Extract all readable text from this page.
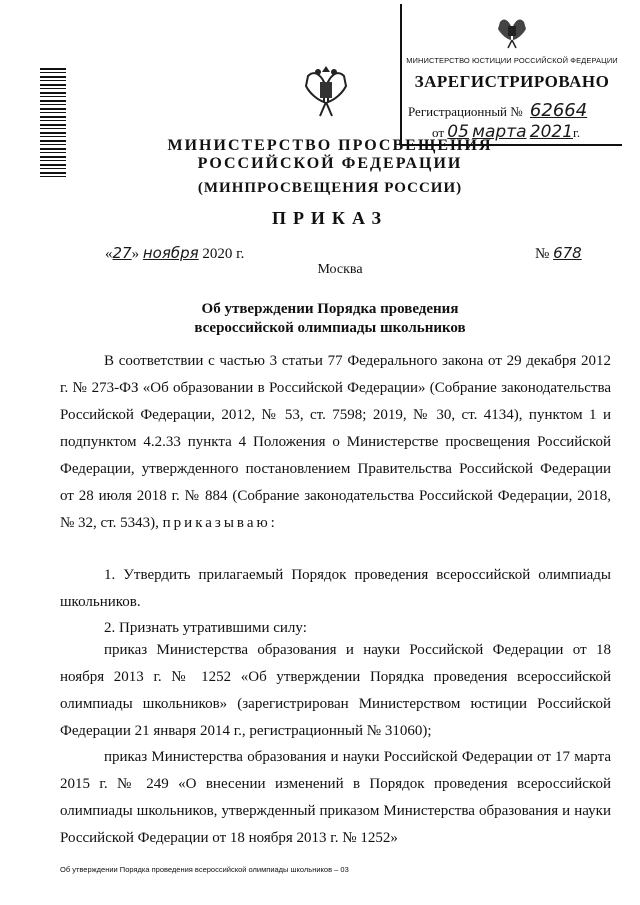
МИНИСТЕРСТВО ЮСТИЦИИ РОССИЙСКОЙ ФЕДЕРАЦИИ
ЗАРЕГИСТРИРОВАНО
Регистрационный № 62664
от 05 марта 2021г.
МИНИСТЕРСТВО ПРОСВЕЩЕНИЯ
РОССИЙСКОЙ ФЕДЕРАЦИИ
(МИНПРОСВЕЩЕНИЯ РОССИИ)
ПРИКАЗ
«27» ноября 2020 г.	№ 678
Москва
Об утверждении Порядка проведения
всероссийской олимпиады школьников
В соответствии с частью 3 статьи 77 Федерального закона от 29 декабря 2012 г. № 273-ФЗ «Об образовании в Российской Федерации» (Собрание законодательства Российской Федерации, 2012, № 53, ст. 7598; 2019, № 30, ст. 4134), пунктом 1 и подпунктом 4.2.33 пункта 4 Положения о Министерстве просвещения Российской Федерации, утвержденного постановлением Правительства Российской Федерации от 28 июля 2018 г. № 884 (Собрание законодательства Российской Федерации, 2018, № 32, ст. 5343), приказываю:
1. Утвердить прилагаемый Порядок проведения всероссийской олимпиады школьников.
2. Признать утратившими силу:
приказ Министерства образования и науки Российской Федерации от 18 ноября 2013 г. № 1252 «Об утверждении Порядка проведения всероссийской олимпиады школьников» (зарегистрирован Министерством юстиции Российской Федерации 21 января 2014 г., регистрационный № 31060);
приказ Министерства образования и науки Российской Федерации от 17 марта 2015 г. № 249 «О внесении изменений в Порядок проведения всероссийской олимпиады школьников, утвержденный приказом Министерства образования и науки Российской Федерации от 18 ноября 2013 г. № 1252»
Об утверждении Порядка проведения всероссийской олимпиады школьников – 03
